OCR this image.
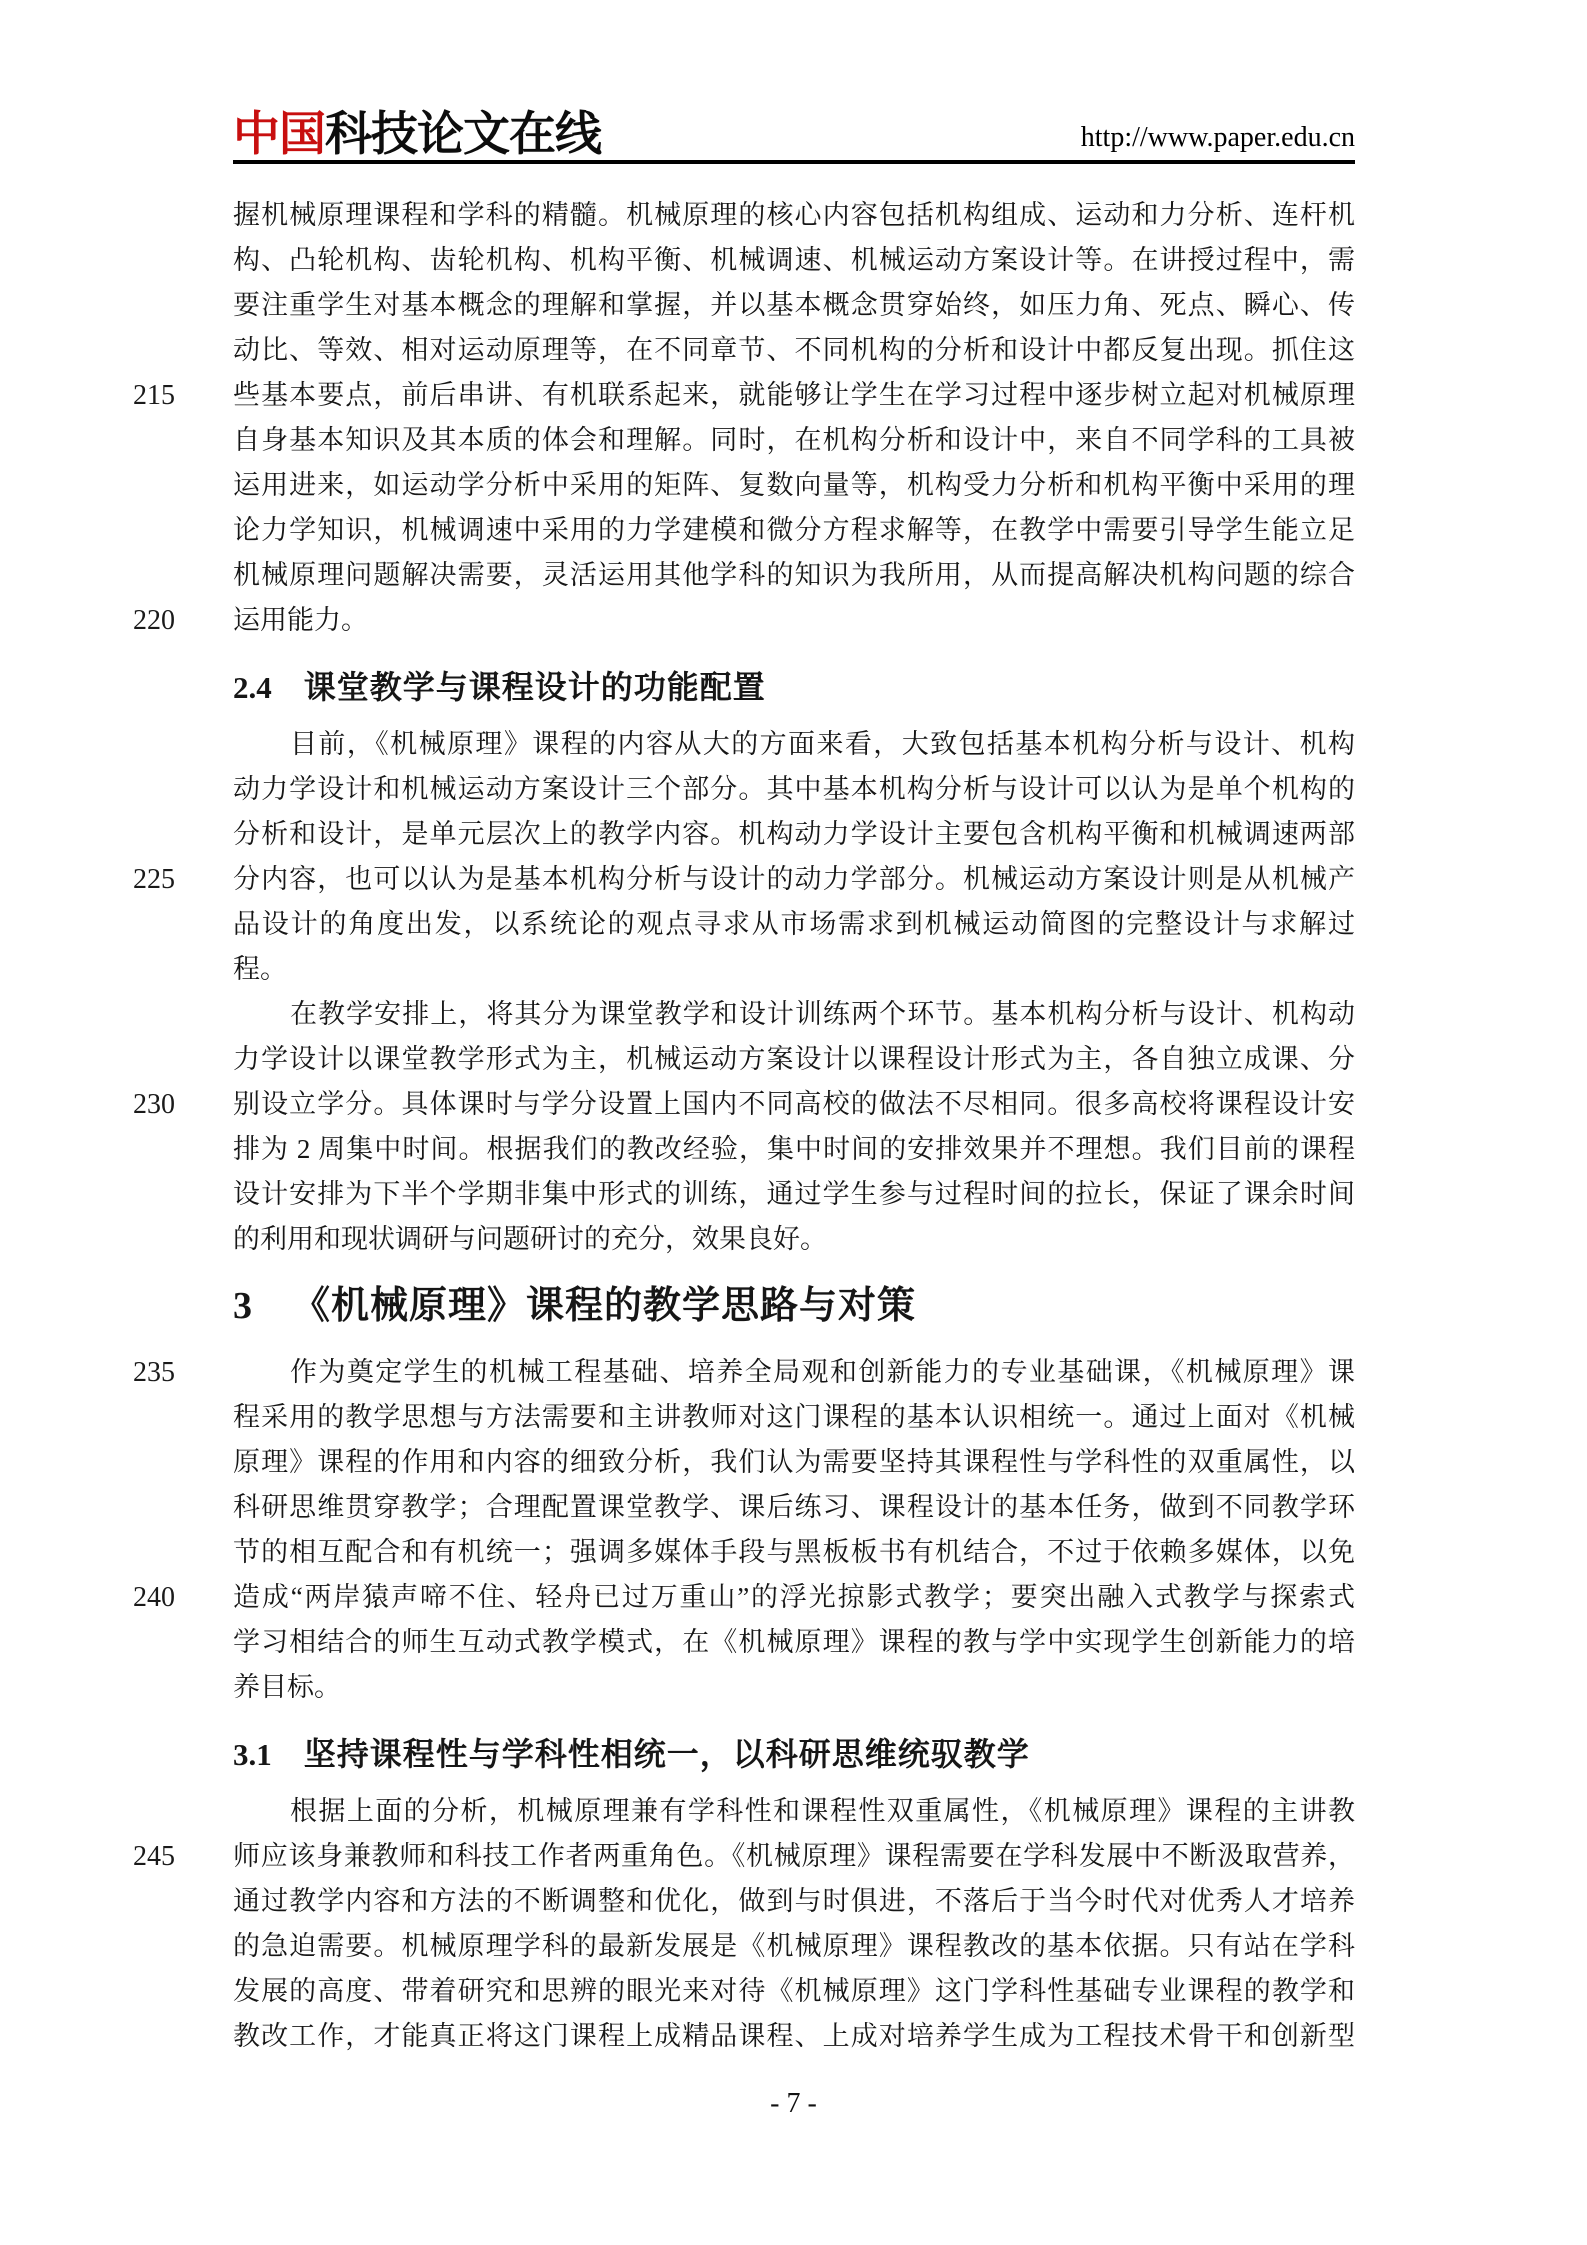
中国科技论文在线	http://www.paper.edu.cn
握机械原理课程和学科的精髓。机械原理的核心内容包括机构组成、运动和力分析、连杆机
构、凸轮机构、齿轮机构、机构平衡、机械调速、机械运动方案设计等。在讲授过程中，需
要注重学生对基本概念的理解和掌握，并以基本概念贯穿始终，如压力角、死点、瞬心、传
动比、等效、相对运动原理等，在不同章节、不同机构的分析和设计中都反复出现。抓住这
215 些基本要点，前后串讲、有机联系起来，就能够让学生在学习过程中逐步树立起对机械原理
自身基本知识及其本质的体会和理解。同时，在机构分析和设计中，来自不同学科的工具被
运用进来，如运动学分析中采用的矩阵、复数向量等，机构受力分析和机构平衡中采用的理
论力学知识，机械调速中采用的力学建模和微分方程求解等，在教学中需要引导学生能立足
机械原理问题解决需要，灵活运用其他学科的知识为我所用，从而提高解决机构问题的综合
220 运用能力。
2.4 课堂教学与课程设计的功能配置
目前，《机械原理》课程的内容从大的方面来看，大致包括基本机构分析与设计、机构
动力学设计和机械运动方案设计三个部分。其中基本机构分析与设计可以认为是单个机构的
分析和设计，是单元层次上的教学内容。机构动力学设计主要包含机构平衡和机械调速两部
225 分内容，也可以认为是基本机构分析与设计的动力学部分。机械运动方案设计则是从机械产
品设计的角度出发，以系统论的观点寻求从市场需求到机械运动简图的完整设计与求解过
程。
在教学安排上，将其分为课堂教学和设计训练两个环节。基本机构分析与设计、机构动
力学设计以课堂教学形式为主，机械运动方案设计以课程设计形式为主，各自独立成课、分
230 别设立学分。具体课时与学分设置上国内不同高校的做法不尽相同。很多高校将课程设计安
排为 2 周集中时间。根据我们的教改经验，集中时间的安排效果并不理想。我们目前的课程
设计安排为下半个学期非集中形式的训练，通过学生参与过程时间的拉长，保证了课余时间
的利用和现状调研与问题研讨的充分，效果良好。
3 《机械原理》课程的教学思路与对策
235	作为奠定学生的机械工程基础、培养全局观和创新能力的专业基础课，《机械原理》课
程采用的教学思想与方法需要和主讲教师对这门课程的基本认识相统一。通过上面对《机械
原理》课程的作用和内容的细致分析，我们认为需要坚持其课程性与学科性的双重属性，以
科研思维贯穿教学；合理配置课堂教学、课后练习、课程设计的基本任务，做到不同教学环
节的相互配合和有机统一；强调多媒体手段与黑板板书有机结合，不过于依赖多媒体，以免
240 造成“两岸猿声啼不住、轻舟已过万重山”的浮光掠影式教学；要突出融入式教学与探索式
学习相结合的师生互动式教学模式，在《机械原理》课程的教与学中实现学生创新能力的培
养目标。
3.1 坚持课程性与学科性相统一，以科研思维统驭教学
根据上面的分析，机械原理兼有学科性和课程性双重属性，《机械原理》课程的主讲教
245 师应该身兼教师和科技工作者两重角色。《机械原理》课程需要在学科发展中不断汲取营养，
通过教学内容和方法的不断调整和优化，做到与时俱进，不落后于当今时代对优秀人才培养
的急迫需要。机械原理学科的最新发展是《机械原理》课程教改的基本依据。只有站在学科
发展的高度、带着研究和思辨的眼光来对待《机械原理》这门学科性基础专业课程的教学和
教改工作，才能真正将这门课程上成精品课程、上成对培养学生成为工程技术骨干和创新型
- 7 -
